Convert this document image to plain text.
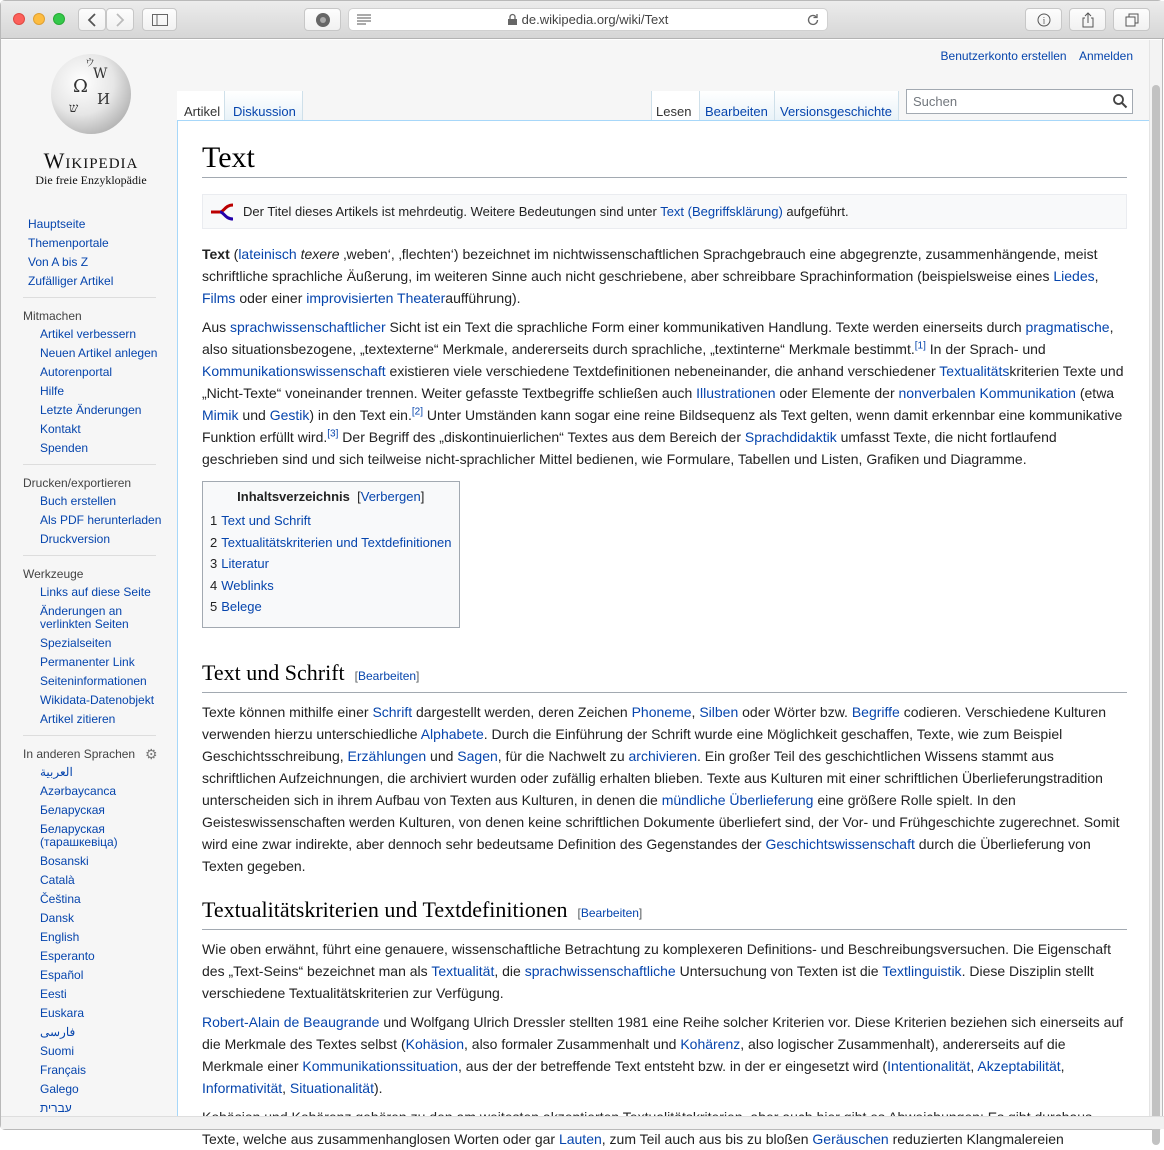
de.wikipedia.org/wiki/Text	i
Ω
W
И
ש
ウ
Wikipedia
Die freie Enzyklopädie
Benutzerkonto erstellen Anmelden
Hauptseite
Themenportale
Von A bis Z
Zufälliger Artikel
Mitmachen
Artikel verbessern
Neuen Artikel anlegen
Autorenportal
Hilfe
Letzte Änderungen
Kontakt
Spenden
Drucken/exportieren
Buch erstellen
Als PDF herunterladen
Druckversion
Werkzeuge
Links auf diese Seite
Änderungen an verlinkten Seiten
Spezialseiten
Permanenter Link
Seiteninformationen
Wikidata-Datenobjekt
Artikel zitieren
In anderen Sprachen ⚙
العربية
Azərbaycanca
Беларуская
Беларуская (тарашкевіца)
Bosanski
Català
Čeština
Dansk
English
Esperanto
Español
Eesti
Euskara
فارسی
Suomi
Français
Galego
עברית
Artikel Diskussion	Lesen	Bearbeiten Versionsgeschichte
Suchen
Text
Der Titel dieses Artikels ist mehrdeutig. Weitere Bedeutungen sind unter Text (Begriffsklärung) aufgeführt.

Text (lateinisch texere ‚weben‘, ‚flechten‘) bezeichnet im nichtwissenschaftlichen Sprachgebrauch eine abgegrenzte, zusammenhängende, meist schriftliche sprachliche Äußerung, im weiteren Sinne auch nicht geschriebene, aber schreibbare Sprachinformation (beispielsweise eines Liedes, Films oder einer improvisierten Theateraufführung).

Aus sprachwissenschaftlicher Sicht ist ein Text die sprachliche Form einer kommunikativen Handlung. Texte werden einerseits durch pragmatische, also situationsbezogene, „textexterne“ Merkmale, andererseits durch sprachliche, „textinterne“ Merkmale bestimmt.[1] In der Sprach- und Kommunikationswissenschaft existieren viele verschiedene Textdefinitionen nebeneinander, die anhand verschiedener Textualitätskriterien Texte und „Nicht-Texte“ voneinander trennen. Weiter gefasste Textbegriffe schließen auch Illustrationen oder Elemente der nonverbalen Kommunikation (etwa Mimik und Gestik) in den Text ein.[2] Unter Umständen kann sogar eine reine Bildsequenz als Text gelten, wenn damit erkennbar eine kommunikative Funktion erfüllt wird.[3] Der Begriff des „diskontinuierlichen“ Textes aus dem Bereich der Sprachdidaktik umfasst Texte, die nicht fortlaufend geschrieben sind und sich teilweise nicht-sprachlicher Mittel bedienen, wie Formulare, Tabellen und Listen, Grafiken und Diagramme.

Inhaltsverzeichnis [Verbergen]
1 Text und Schrift
2 Textualitätskriterien und Textdefinitionen
3 Literatur
4 Weblinks
5 Belege
Text und Schrift [Bearbeiten]

Texte können mithilfe einer Schrift dargestellt werden, deren Zeichen Phoneme, Silben oder Wörter bzw. Begriffe codieren. Verschiedene Kulturen verwenden hierzu unterschiedliche Alphabete. Durch die Einführung der Schrift wurde eine Möglichkeit geschaffen, Texte, wie zum Beispiel Geschichtsschreibung, Erzählungen und Sagen, für die Nachwelt zu archivieren. Ein großer Teil des geschichtlichen Wissens stammt aus schriftlichen Aufzeichnungen, die archiviert wurden oder zufällig erhalten blieben. Texte aus Kulturen mit einer schriftlichen Überlieferungstradition unterscheiden sich in ihrem Aufbau von Texten aus Kulturen, in denen die mündliche Überlieferung eine größere Rolle spielt. In den Geisteswissenschaften werden Kulturen, von denen keine schriftlichen Dokumente überliefert sind, der Vor- und Frühgeschichte zugerechnet. Somit wird eine zwar indirekte, aber dennoch sehr bedeutsame Definition des Gegenstandes der Geschichtswissenschaft durch die Überlieferung von Texten gegeben.

Textualitätskriterien und Textdefinitionen [Bearbeiten]

Wie oben erwähnt, führt eine genauere, wissenschaftliche Betrachtung zu komplexeren Definitions- und Beschreibungsversuchen. Die Eigenschaft des „Text-Seins“ bezeichnet man als Textualität, die sprachwissenschaftliche Untersuchung von Texten ist die Textlinguistik. Diese Disziplin stellt verschiedene Textualitätskriterien zur Verfügung.

Robert-Alain de Beaugrande und Wolfgang Ulrich Dressler stellten 1981 eine Reihe solcher Kriterien vor. Diese Kriterien beziehen sich einerseits auf die Merkmale des Textes selbst (Kohäsion, also formaler Zusammenhalt und Kohärenz, also logischer Zusammenhalt), andererseits auf die Merkmale einer Kommunikationssituation, aus der der betreffende Text entsteht bzw. in der er eingesetzt wird (Intentionalität, Akzeptabilität, Informativität, Situationalität).

Texte, welche aus zusammenhanglosen Worten oder gar Lauten, zum Teil auch aus bis zu bloßen Geräuschen reduzierten Klangmalereien
